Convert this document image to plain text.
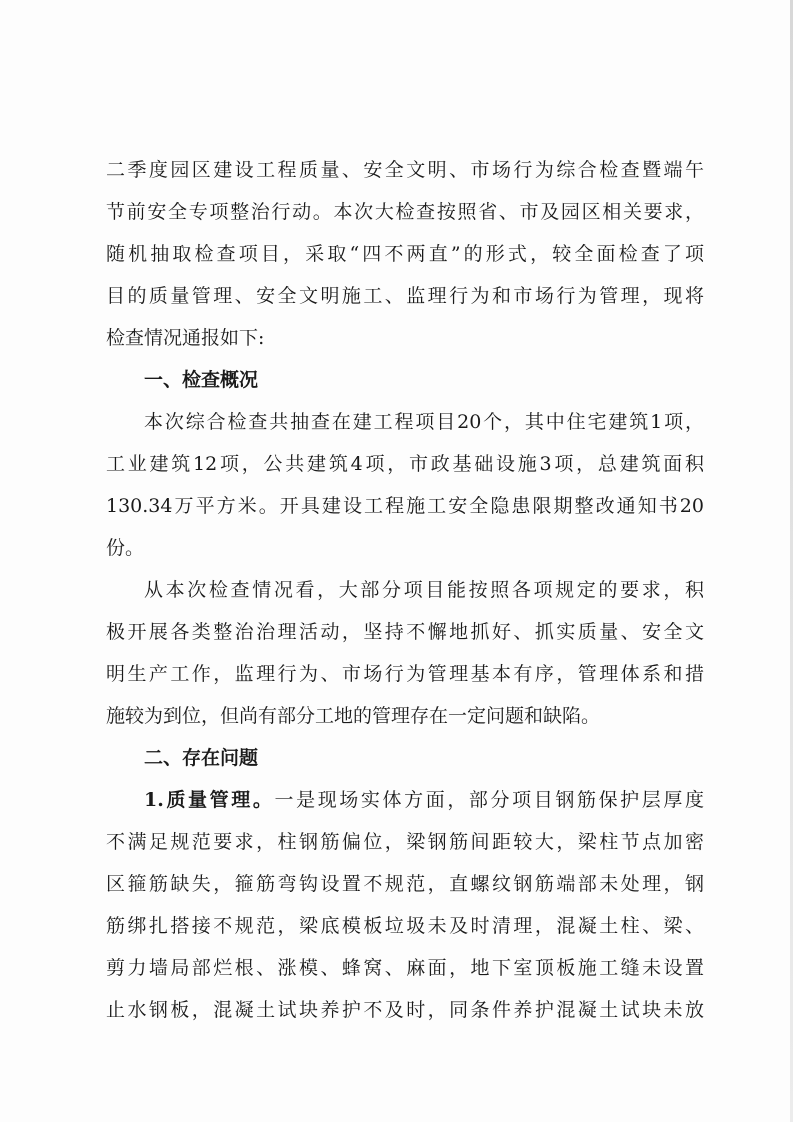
二季度园区建设工程质量、安全文明、市场行为综合检查暨端午
节前安全专项整治行动。本次大检查按照省、市及园区相关要求，
随机抽取检查项目，采取“四不两直”的形式，较全面检查了项
目的质量管理、安全文明施工、监理行为和市场行为管理，现将
检查情况通报如下:
一、检查概况
本次综合检查共抽查在建工程项目20个，其中住宅建筑1项，
工业建筑12项，公共建筑4项，市政基础设施3项，总建筑面积
130.34万平方米。开具建设工程施工安全隐患限期整改通知书20
份。
从本次检查情况看，大部分项目能按照各项规定的要求，积
极开展各类整治治理活动，坚持不懈地抓好、抓实质量、安全文
明生产工作，监理行为、市场行为管理基本有序，管理体系和措
施较为到位，但尚有部分工地的管理存在一定问题和缺陷。
二、存在问题
1.质量管理。一是现场实体方面，部分项目钢筋保护层厚度
不满足规范要求，柱钢筋偏位，梁钢筋间距较大，梁柱节点加密
区箍筋缺失，箍筋弯钩设置不规范，直螺纹钢筋端部未处理，钢
筋绑扎搭接不规范，梁底模板垃圾未及时清理，混凝土柱、梁、
剪力墙局部烂根、涨模、蜂窝、麻面，地下室顶板施工缝未设置
止水钢板，混凝土试块养护不及时，同条件养护混凝土试块未放
